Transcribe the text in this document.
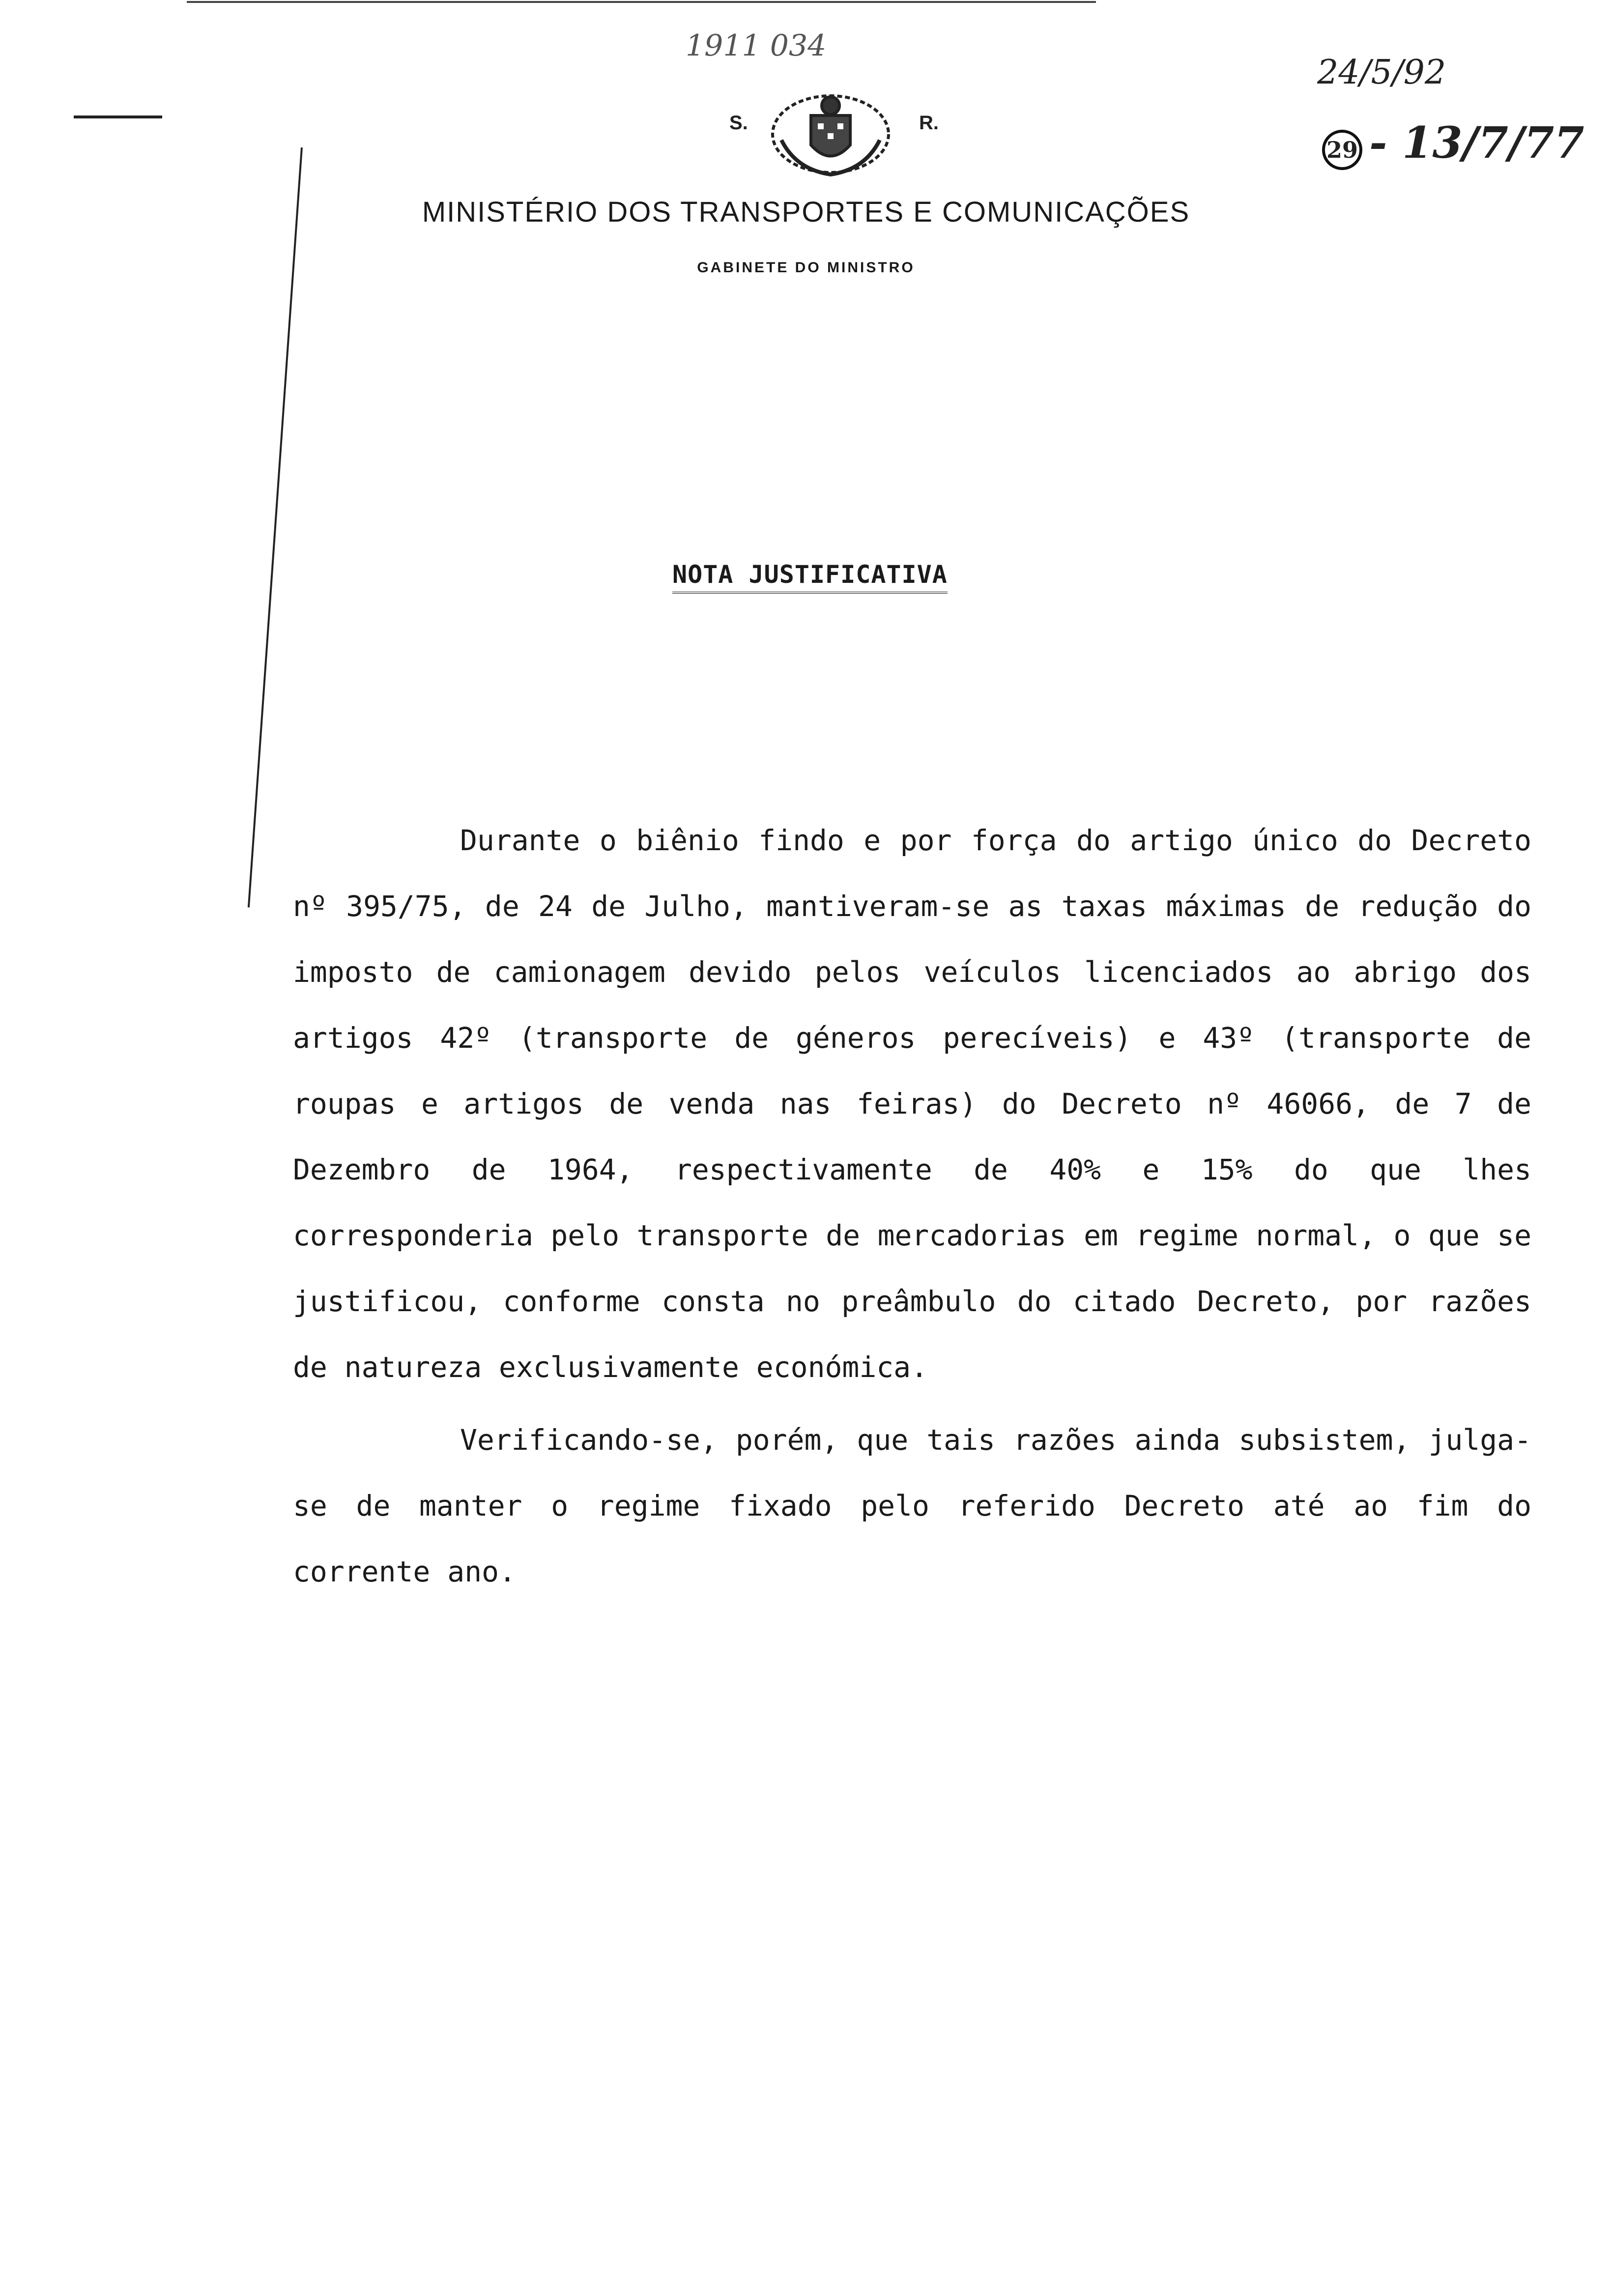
1911 034
24/5/92
29 - 13/7/77
S.	R.
MINISTÉRIO DOS TRANSPORTES E COMUNICAÇÕES
GABINETE DO MINISTRO
NOTA JUSTIFICATIVA

Durante o biênio findo e por força do artigo único do Decreto nº 395/75, de 24 de Julho, mantiveram-se as taxas máximas de redução do imposto de camionagem devido pelos veículos licenciados ao abrigo dos artigos 42º (transporte de géneros perecíveis) e 43º (transporte de roupas e artigos de venda nas feiras) do Decreto nº 46066, de 7 de Dezembro de 1964, respectivamente de 40% e 15% do que lhes corresponderia pelo transporte de mercadorias em regime normal, o que se justificou, conforme consta no preâmbulo do citado Decreto, por razões de natureza exclusivamente económica.

Verificando-se, porém, que tais razões ainda subsistem, julga-se de manter o regime fixado pelo referido Decreto até ao fim do corrente ano.
